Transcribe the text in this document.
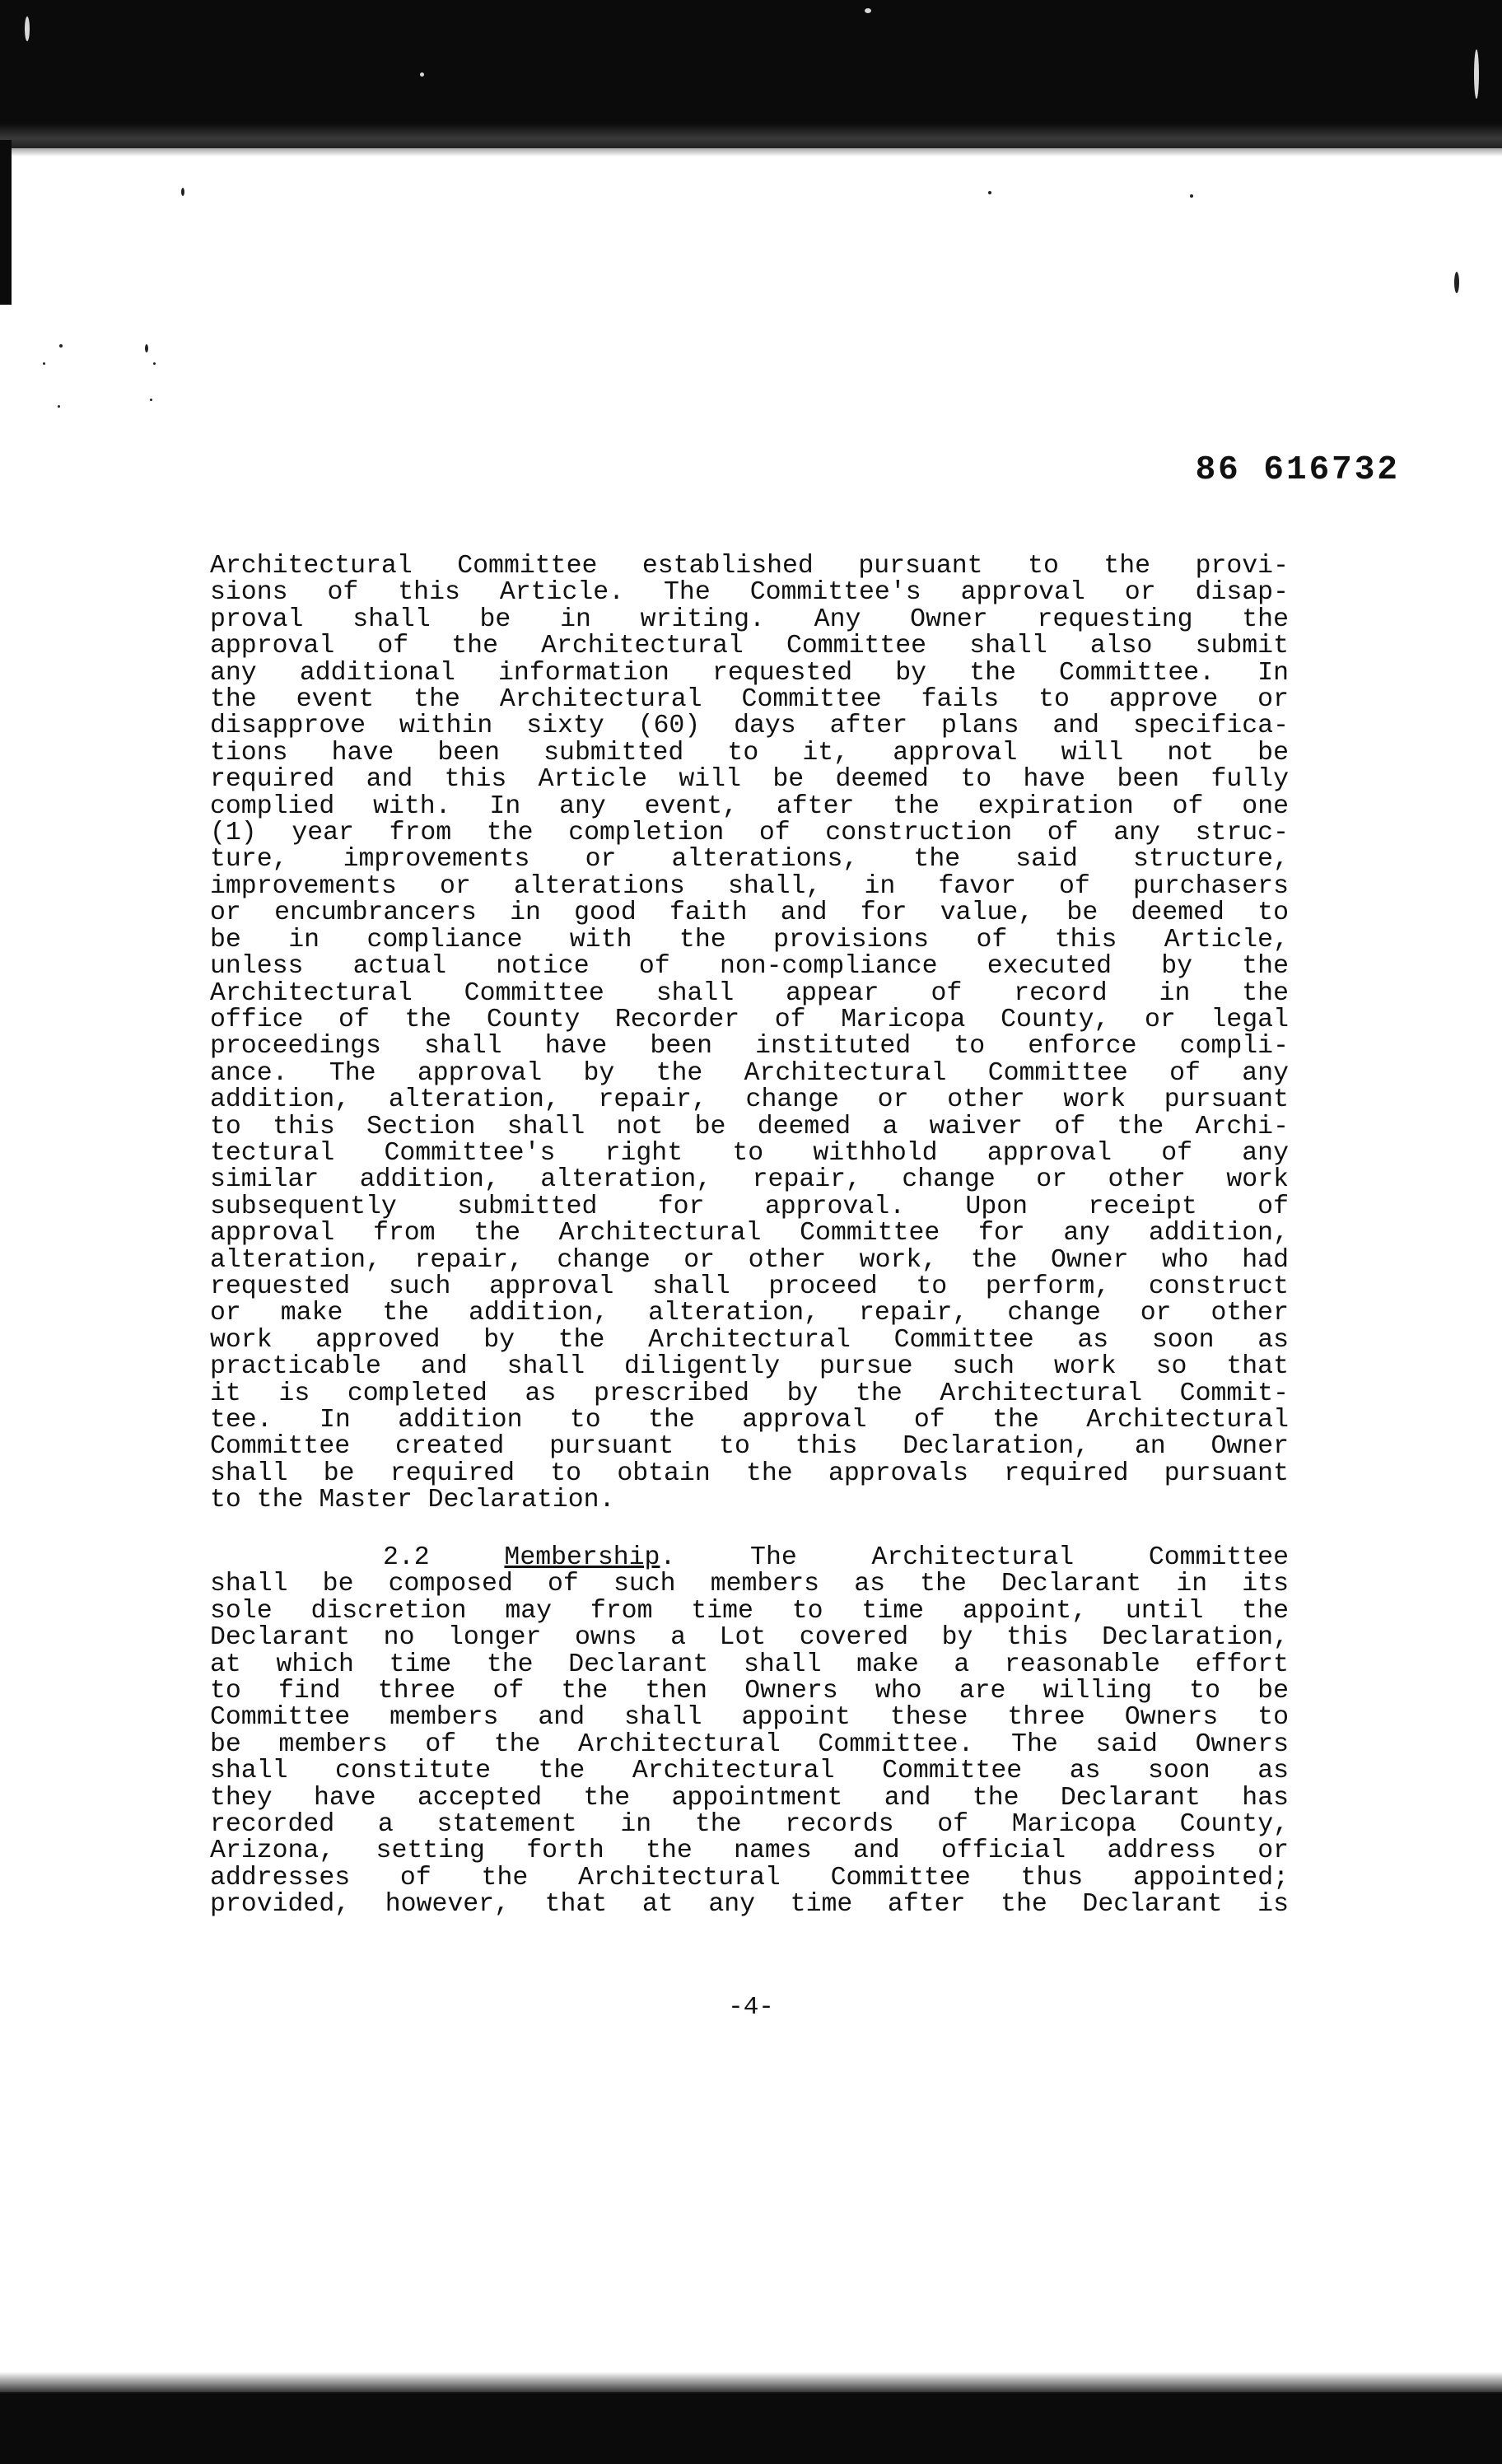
86 616732
Architectural Committee established pursuant to the provi-
sions of this Article. The Committee's approval or disap-
proval shall be in writing. Any Owner requesting the
approval of the Architectural Committee shall also submit
any additional information requested by the Committee. In
the event the Architectural Committee fails to approve or
disapprove within sixty (60) days after plans and specifica-
tions have been submitted to it, approval will not be
required and this Article will be deemed to have been fully
complied with. In any event, after the expiration of one
(1) year from the completion of construction of any struc-
ture, improvements or alterations, the said structure,
improvements or alterations shall, in favor of purchasers
or encumbrancers in good faith and for value, be deemed to
be in compliance with the provisions of this Article,
unless actual notice of non-compliance executed by the
Architectural Committee shall appear of record in the
office of the County Recorder of Maricopa County, or legal
proceedings shall have been instituted to enforce compli-
ance. The approval by the Architectural Committee of any
addition, alteration, repair, change or other work pursuant
to this Section shall not be deemed a waiver of the Archi-
tectural Committee's right to withhold approval of any
similar addition, alteration, repair, change or other work
subsequently submitted for approval. Upon receipt of
approval from the Architectural Committee for any addition,
alteration, repair, change or other work, the Owner who had
requested such approval shall proceed to perform, construct
or make the addition, alteration, repair, change or other
work approved by the Architectural Committee as soon as
practicable and shall diligently pursue such work so that
it is completed as prescribed by the Architectural Commit-
tee. In addition to the approval of the Architectural
Committee created pursuant to this Declaration, an Owner
shall be required to obtain the approvals required pursuant
to the Master Declaration.
2.2	Membership. The Architectural Committee
shall be composed of such members as the Declarant in its
sole discretion may from time to time appoint, until the
Declarant no longer owns a Lot covered by this Declaration,
at which time the Declarant shall make a reasonable effort
to find three of the then Owners who are willing to be
Committee members and shall appoint these three Owners to
be members of the Architectural Committee. The said Owners
shall constitute the Architectural Committee as soon as
they have accepted the appointment and the Declarant has
recorded a statement in the records of Maricopa County,
Arizona, setting forth the names and official address or
addresses of the Architectural Committee thus appointed;
provided, however, that at any time after the Declarant is
-4-
